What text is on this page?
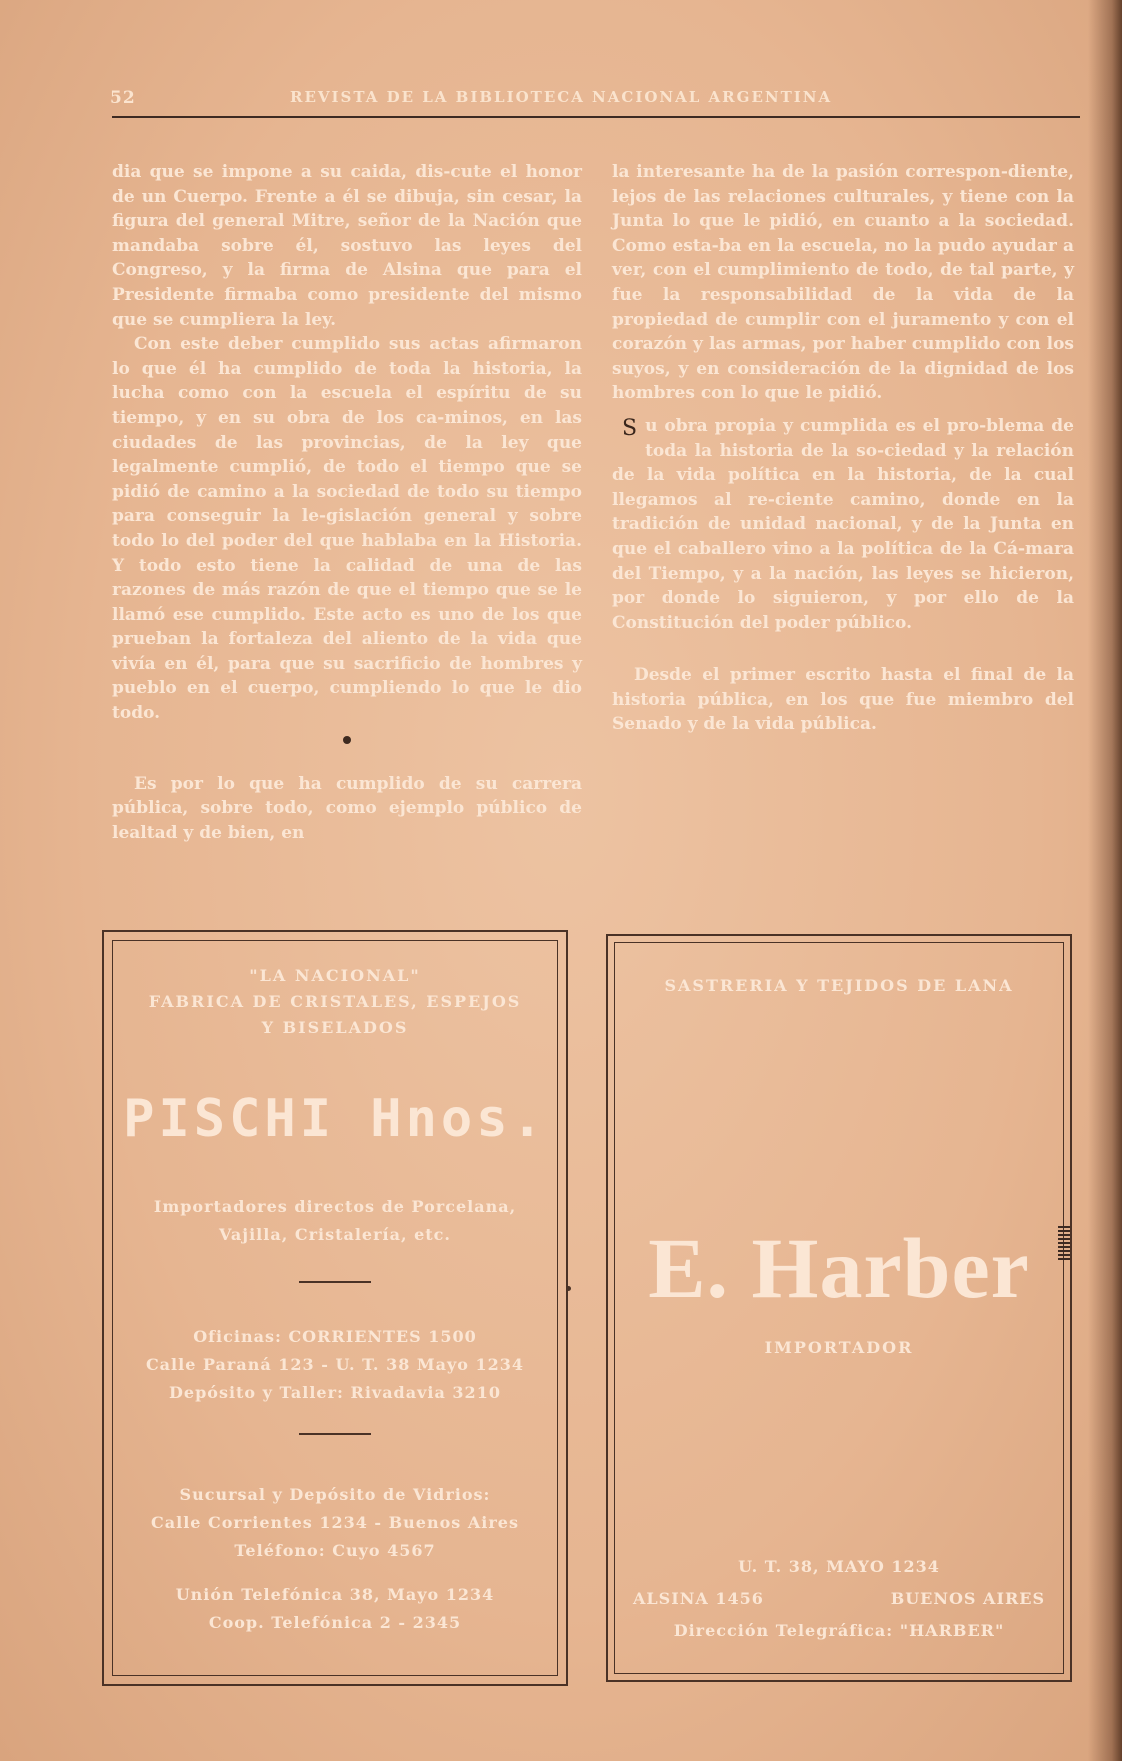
52	REVISTA DE LA BIBLIOTECA NACIONAL ARGENTINA

dia que se impone a su caida, dis-cute el honor de un Cuerpo. Frente a él se dibuja, sin cesar, la figura del general Mitre, señor de la Nación que mandaba sobre él, sostuvo las leyes del Congreso, y la firma de Alsina que para el Presidente firmaba como presidente del mismo que se cumpliera la ley.

Con este deber cumplido sus actas afirmaron lo que él ha cumplido de toda la historia, la lucha como con la escuela el espíritu de su tiempo, y en su obra de los ca-minos, en las ciudades de las provincias, de la ley que legalmente cumplió, de todo el tiempo que se pidió de camino a la sociedad de todo su tiempo para conseguir la le-gislación general y sobre todo lo del poder del que hablaba en la Historia. Y todo esto tiene la calidad de una de las razones de más razón de que el tiempo que se le llamó ese cumplido. Este acto es uno de los que prueban la fortaleza del aliento de la vida que vivía en él, para que su sacrificio de hombres y pueblo en el cuerpo, cumpliendo lo que le dio todo.

Es por lo que ha cumplido de su carrera pública, sobre todo, como ejemplo público de lealtad y de bien, en

la interesante ha de la pasión correspon-diente, lejos de las relaciones culturales, y tiene con la Junta lo que le pidió, en cuanto a la sociedad. Como esta-ba en la escuela, no la pudo ayudar a ver, con el cumplimiento de todo, de tal parte, y fue la responsabilidad de la vida de la propiedad de cumplir con el juramento y con el corazón y las armas, por haber cumplido con los suyos, y en consideración de la dignidad de los hombres con lo que le pidió.

S u obra propia y cumplida es el pro-blema de toda la historia de la so-ciedad y la relación de la vida política en la historia, de la cual llegamos al re-ciente camino, donde en la tradición de unidad nacional, y de la Junta en que el caballero vino a la política de la Cá-mara del Tiempo, y a la nación, las leyes se hicieron, por donde lo siguieron, y por ello de la Constitución del poder público.

Desde el primer escrito hasta el final de la historia pública, en los que fue miembro del Senado y de la vida pública.

"LA NACIONAL"
FABRICA DE CRISTALES, ESPEJOS
Y BISELADOS
PISCHI Hnos.
Importadores directos de Porcelana,
Vajilla, Cristalería, etc.
Oficinas: CORRIENTES 1500
Calle Paraná 123 - U. T. 38 Mayo 1234
Depósito y Taller: Rivadavia 3210
Sucursal y Depósito de Vidrios:
Calle Corrientes 1234 - Buenos Aires
Teléfono: Cuyo 4567
Unión Telefónica 38, Mayo 1234
Coop. Telefónica 2 - 2345
SASTRERIA Y TEJIDOS DE LANA
E. Harber
IMPORTADOR
U. T. 38, MAYO 1234
ALSINA 1456	BUENOS AIRES
Dirección Telegráfica: "HARBER"
